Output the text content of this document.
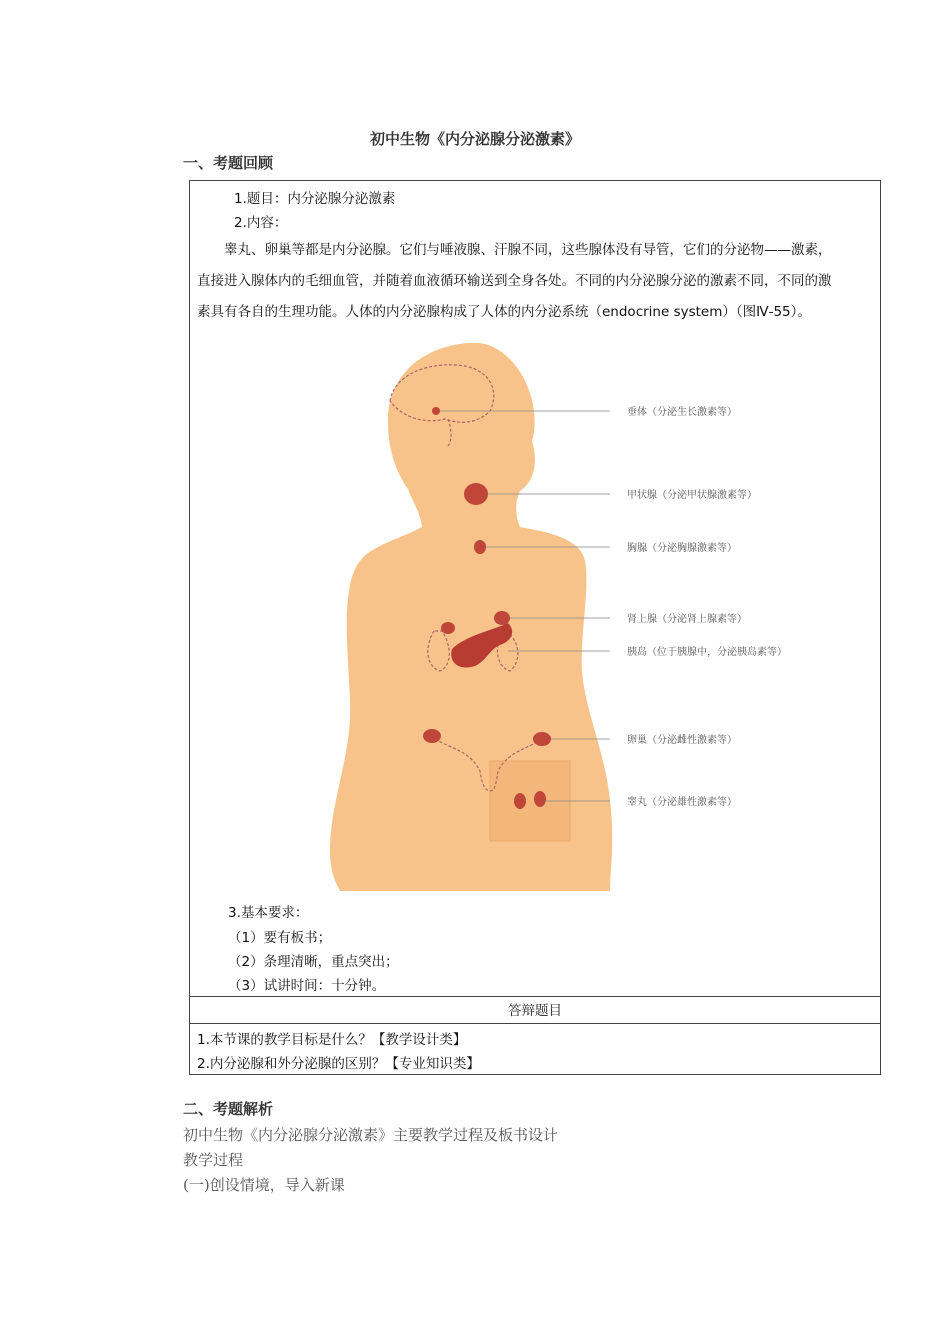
初中生物《内分泌腺分泌激素》
一、考题回顾
1.题目：内分泌腺分泌激素
2.内容：
睾丸、卵巢等都是内分泌腺。它们与唾液腺、汗腺不同，这些腺体没有导管，它们的分泌物——激素，
直接进入腺体内的毛细血管，并随着血液循环输送到全身各处。不同的内分泌腺分泌的激素不同，不同的激
素具有各自的生理功能。人体的内分泌腺构成了人体的内分泌系统（endocrine system）（图Ⅳ-55）。
垂体（分泌生长激素等）
甲状腺（分泌甲状腺激素等）
胸腺（分泌胸腺激素等）
肾上腺（分泌肾上腺素等）
胰岛（位于胰腺中，分泌胰岛素等）
卵巢（分泌雌性激素等）
睾丸（分泌雄性激素等）
3.基本要求：
（1）要有板书；
（2）条理清晰，重点突出；
（3）试讲时间：十分钟。
答辩题目
1.本节课的教学目标是什么？【教学设计类】
2.内分泌腺和外分泌腺的区别？【专业知识类】
二、考题解析
初中生物《内分泌腺分泌激素》主要教学过程及板书设计
教学过程
(一)创设情境，导入新课
